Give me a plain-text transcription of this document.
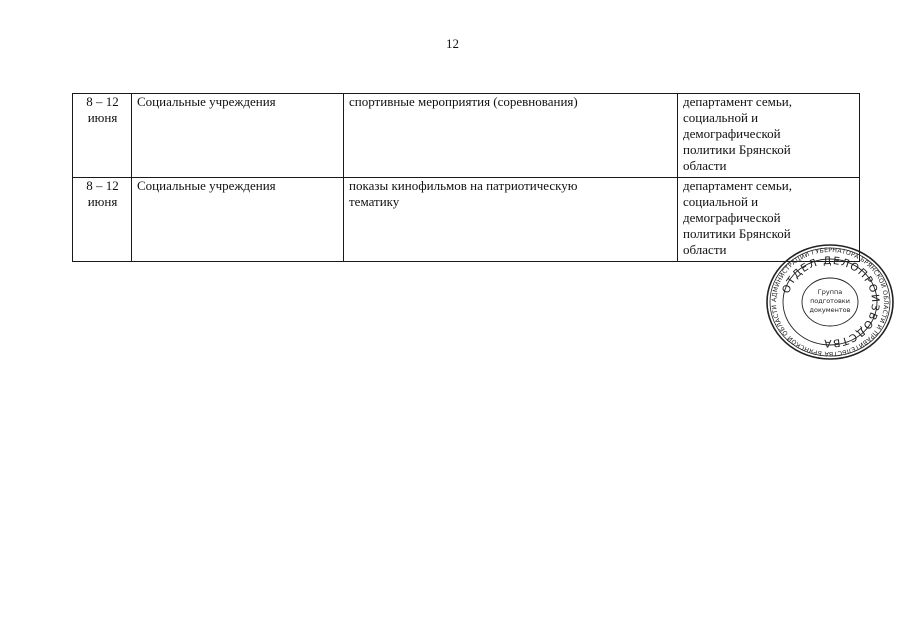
12
8 – 12
июня	Социальные учреждения	спортивные мероприятия (соревнования)	департамент семьи,
социальной и
демографической
политики Брянской
области

8 – 12
июня	Социальные учреждения	показы кинофильмов на патриотическую
тематику	департамент семьи,
социальной и
демографической
политики Брянской
области
АДМИНИСТРАЦИИ ГУБЕРНАТОРА БРЯНСКОЙ ОБЛАСТИ И ПРАВИТЕЛЬСТВА БРЯНСКОЙ ОБЛАСТИ
ОТДЕЛ ДЕЛОПРОИЗВОДСТВА
Группа
подготовки
документов
